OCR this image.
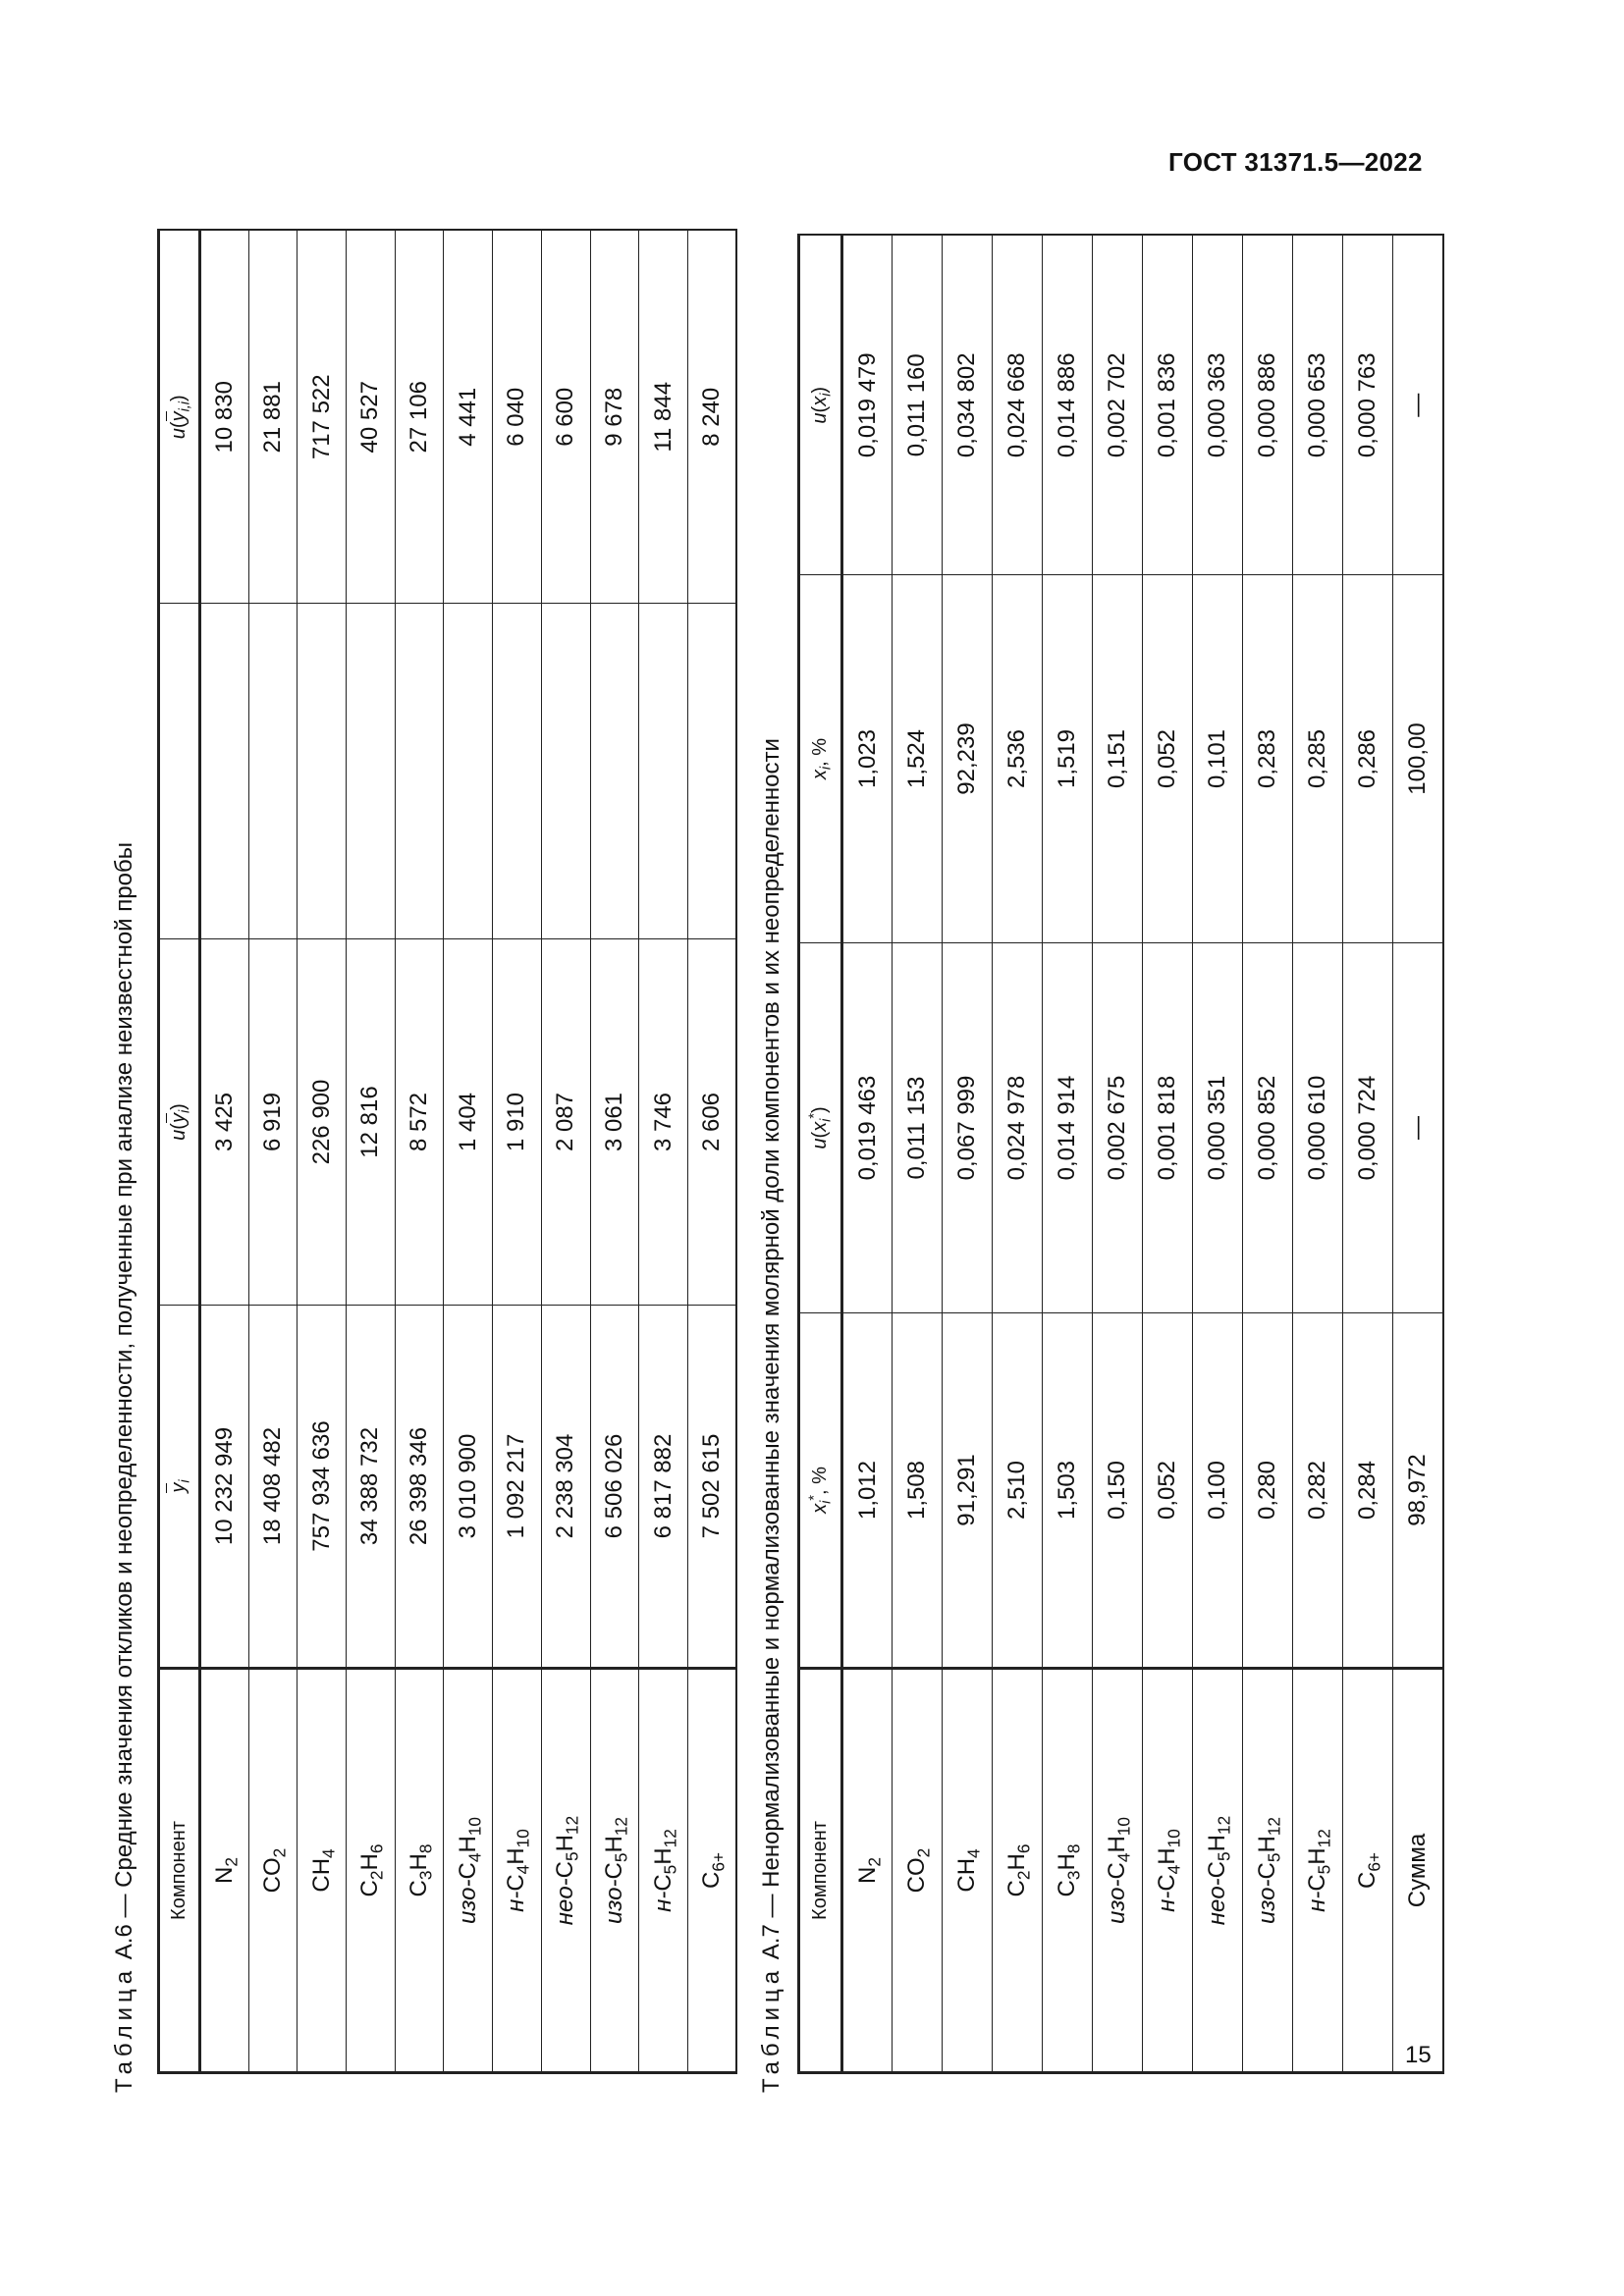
ГОСТ 31371.5—2022
15
Таблица А.6 — Средние значения откликов и неопределенности, полученные при анализе неизвестной пробы Компонент	$y_i$	$u(y_i)$		$u(y_{i,i})$
$N_2$	10 232 949	3 425		10 830
$CO_2$	18 408 482	6 919		21 881
$CH_4$	757 934 636	226 900		717 522
$C_2H_6$	34 388 732	12 816		40 527
$C_3H_8$	26 398 346	8 572		27 106
изо-$C_4H_{10}$	3 010 900	1 404		4 441
$н-C_4H_{10}$	1 092 217	1 910		6 040
нео-$C_5H_{12}$	2 238 304	2 087		6 600
изо-$C_5H_{12}$	6 506 026	3 061		9 678
$н-C_5H_{12}$	6 817 882	3 746		11 844
$C_{6+}$	7 502 615	2 606		8 240
Таблица А.7 — Ненормализованные и нормализованные значения молярной доли компонентов и их неопределенности Компонент	$x_i^*$, %	$u(x_i^*)$	$x_i$, %	$u(x_i)$
$N_2$	1,012	0,019 463	1,023	0,019 479
$CO_2$	1,508	0,011 153	1,524	0,011 160
$CH_4$	91,291	0,067 999	92,239	0,034 802
$C_2H_6$	2,510	0,024 978	2,536	0,024 668
$C_3H_8$	1,503	0,014 914	1,519	0,014 886
изо-$C_4H_{10}$	0,150	0,002 675	0,151	0,002 702
$н-C_4H_{10}$	0,052	0,001 818	0,052	0,001 836
нео-$C_5H_{12}$	0,100	0,000 351	0,101	0,000 363
изо-$C_5H_{12}$	0,280	0,000 852	0,283	0,000 886
$н-C_5H_{12}$	0,282	0,000 610	0,285	0,000 653
$C_{6+}$	0,284	0,000 724	0,286	0,000 763
Сумма	98,972	—	100,00	—
